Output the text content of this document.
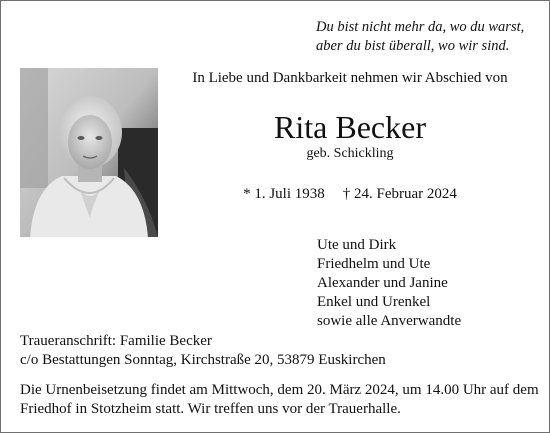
Du bist nicht mehr da, wo du warst,
aber du bist überall, wo wir sind.
In Liebe und Dankbarkeit nehmen wir Abschied von
Rita Becker
geb. Schickling
* 1. Juli 1938 † 24. Februar 2024
Ute und Dirk
Friedhelm und Ute
Alexander und Janine
Enkel und Urenkel
sowie alle Anverwandte
Traueranschrift: Familie Becker
c/o Bestattungen Sonntag, Kirchstraße 20, 53879 Euskirchen
Die Urnenbeisetzung findet am Mittwoch, dem 20. März 2024, um 14.00 Uhr auf dem
Friedhof in Stotzheim statt. Wir treffen uns vor der Trauerhalle.
